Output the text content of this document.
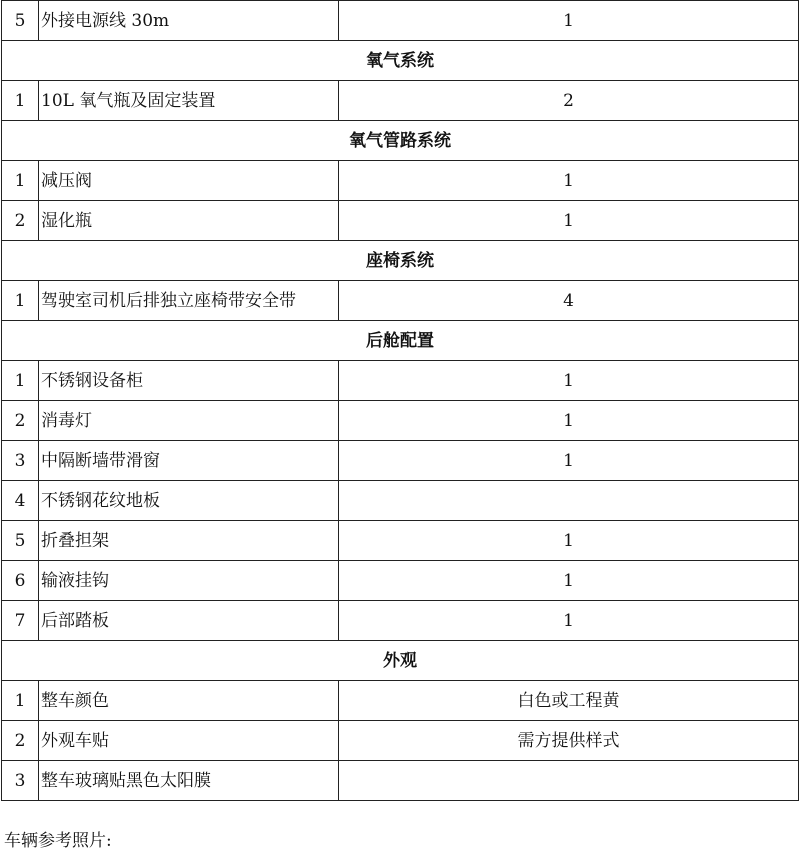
5	外接电源线 30m	1
氧气系统		
1	10L 氧气瓶及固定装置	2
氧气管路系统		
1	减压阀	1
2	湿化瓶	1
座椅系统		
1	驾驶室司机后排独立座椅带安全带	4
后舱配置		
1	不锈钢设备柜	1
2	消毒灯	1
3	中隔断墙带滑窗	1
4	不锈钢花纹地板	
5	折叠担架	1
6	输液挂钩	1
7	后部踏板	1
外观		
1	整车颜色	白色或工程黄
2	外观车贴	需方提供样式
3	整车玻璃贴黑色太阳膜	
车辆参考照片:
